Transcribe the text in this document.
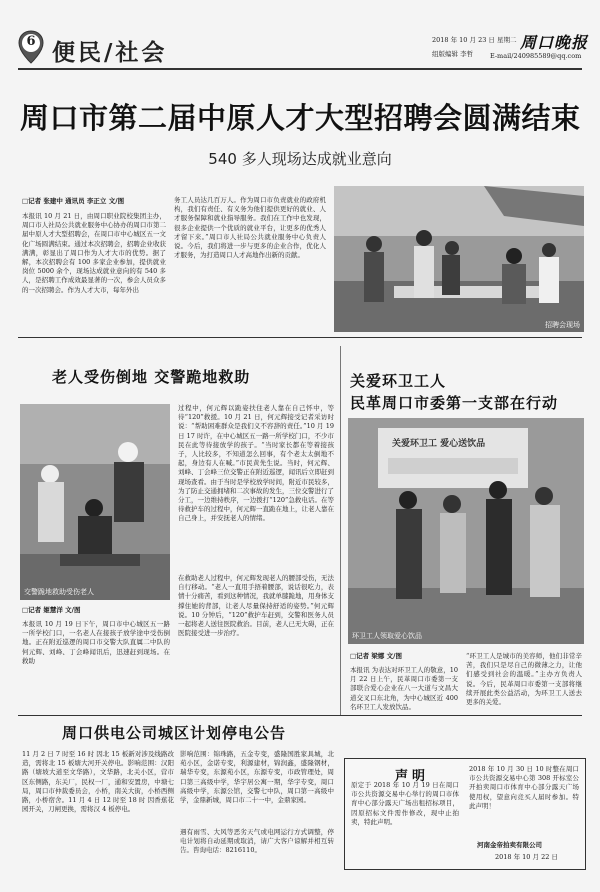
6 便民/社会	2018 年 10 月 23 日 星期二
组版编辑 李哲
周口晚报
E-mail/240985589@qq.com
周口市第二届中原人才大型招聘会圆满结束
540 多人现场达成就业意向
□记者 张建中 通讯员 李正立 文/图
本报讯 10 月 21 日，由周口职业院校集团主办，周口市人社局公共就业服务中心协办的周口市第二届中原人才大型招聘会，在周口市中心城区五一文化广场圆满结束。通过本次招聘会，招聘企业收获满满，彰显出了周口作为人才大市的优势。据了解，本次招聘会有 100 多家企业参加，提供就业岗位 5000 余个，现场达成就业意向的有 540 多人，是招聘工作成效最显著的一次，参会人员众多的一次招聘会。作为人才大市，每年外出
务工人员达几百万人。作为周口市负责就业的政府机构，我们有责任、有义务为他们提供更好的就业、人才服务保障和就业指导服务。我们在工作中也发现，很多企业提供一个优质的就业平台，让更多的优秀人才留下来。”周口市人社局公共就业服务中心负责人说。今后，我们将进一步与更多的企业合作，优化人才服务，为打造周口人才高地作出新的贡献。
招聘会现场
老人受伤倒地 交警跪地救助
交警跪地救助受伤老人
□记者 姬慧洋 文/图
本报讯 10 月 19 日下午，周口市中心城区五一路一所学校门口，一名老人在接孩子放学途中受伤倒地。正在附近巡逻的周口市交警大队直属二中队的何元辉、刘峰、丁会峰闻讯后，迅速赶到现场。在救助
过程中，何元辉以跪姿扶住老人靠在自己怀中，等待“120”救援。10 月 21 日，何元辉接受记者采访时说：“帮助困难群众是我们义不容辞的责任。”10 月 19 日 17 时许，在中心城区五一路一所学校门口，不少市民在此等待接放学的孩子。“当时家长都在等着接孩子，人比较多，不知道怎么回事，有个老太太倒地不起，身边有人在喊。”市民黄先生说。当时，何元辉、刘峰、丁会峰三位交警正在附近巡逻，闻讯后立即赶到现场查看。由于当时是学校放学时间，附近市民较多，为了防止交通拥堵和二次事故的发生，三位交警进行了分工，一边维持秩序，一边拨打“120”急救电话。在等待救护车的过程中，何元辉一直跪在地上，让老人靠在自己身上，并安抚老人的情绪。
在救助老人过程中，何元辉发现老人的腰部受伤，无法自行移动。“老人一直用手捂着腰部，说话很吃力，表情十分痛苦，看到这种情况，我就单膝跪地，用身体支撑住她的背部，让老人尽量保持舒适的姿势。”何元辉说。10 分钟后，“120”救护车赶到，交警和医务人员一起将老人送往医院救治。目前，老人已无大碍，正在医院接受进一步治疗。
关爱环卫工人
民革周口市委第一支部在行动
关爱环卫工 爱心送饮品
环卫工人领取爱心饮品
□记者 梁娜 文/图
本报讯 为表达对环卫工人的敬意，10 月 22 日上午，民革周口市委第一支部联合爱心企业在八一大道与文昌大道交叉口东北角，为中心城区近 400 名环卫工人发放饮品。
“环卫工人是城市的美容师，他们非常辛苦，我们只是尽自己的微薄之力，让他们感受到社会的温暖。”主办方负责人说。今后，民革周口市委第一支部将继续开展此类公益活动，为环卫工人送去更多的关爱。
周口供电公司城区计划停电公告
11 月 2 日 7 时至 16 时 因北 15 板新对涉及线路改造，需将北 15 板塘大河开关停电。影响范围：汉阳路（塘坡大道至文华路），文华路，北关小区，营市区东侧路，东关厂，民权一厂，通和安置房，中塘七局，周口市仲裁委员会，小桥，南关大街，小桥西侧路，小桥宿舍。11 月 4 日 12 时至 18 时 因香蕉花园开关，刀闸更换，需将汉 4 板停电。
影响范围：锦珠路，五金专变，盛隆国胜家具城，北苑小区，金诺专变，利源建材，锦润鑫，盛隆钢材，瑞华专变，东源苑小区，东源专变，市政管理处，周口第三高级中学，华宇居公寓一期，华宇专变，周口高级中学，东源公馆，交警七中队，周口第一高级中学，金鼎新城，周口市二十一中，金鼎家园。
遇有雨雪、大风等恶劣天气或电网运行方式调整，停电计划将自动延期或取消，请广大客户谅解并相互转告。咨询电话：8216110。
声明
原定于 2018 年 10 月 19 日在周口市公共资源交易中心举行的周口市体育中心部分露天广场出租招标项目，因原招标文件需作修改，现中止拍卖，特此声明。
2018 年 10 月 30 日 10 时整在周口市公共资源交易中心第 308 开标室公开拍卖周口市体育中心部分露天广场使用权，望意向竞买人届时参加。特此声明！
河南金帝拍卖有限公司
2018 年 10 月 22 日
